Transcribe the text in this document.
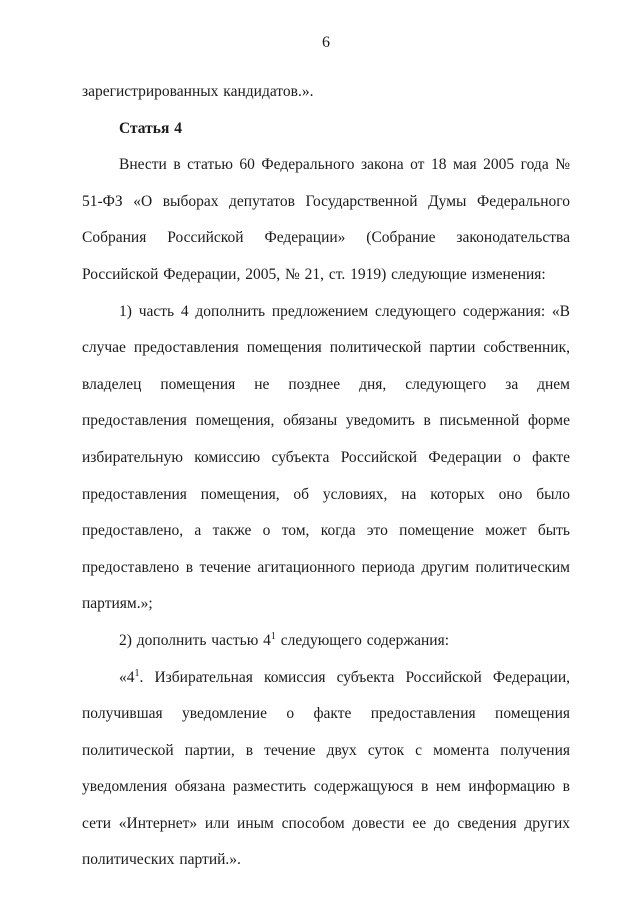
6

зарегистрированных кандидатов.».

Статья 4

Внести в статью 60 Федерального закона от 18 мая 2005 года № 51-ФЗ «О выборах депутатов Государственной Думы Федерального Собрания Российской Федерации» (Собрание законодательства Российской Федерации, 2005, № 21, ст. 1919) следующие изменения:

1) часть 4 дополнить предложением следующего содержания: «В случае предоставления помещения политической партии собственник, владелец помещения не позднее дня, следующего за днем предоставления помещения, обязаны уведомить в письменной форме избирательную комиссию субъекта Российской Федерации о факте предоставления помещения, об условиях, на которых оно было предоставлено, а также о том, когда это помещение может быть предоставлено в течение агитационного периода другим политическим партиям.»;

2) дополнить частью $4^1$ следующего содержания:

«$4^1$. Избирательная комиссия субъекта Российской Федерации, получившая уведомление о факте предоставления помещения политической партии, в течение двух суток с момента получения уведомления обязана разместить содержащуюся в нем информацию в сети «Интернет» или иным способом довести ее до сведения других политических партий.».
